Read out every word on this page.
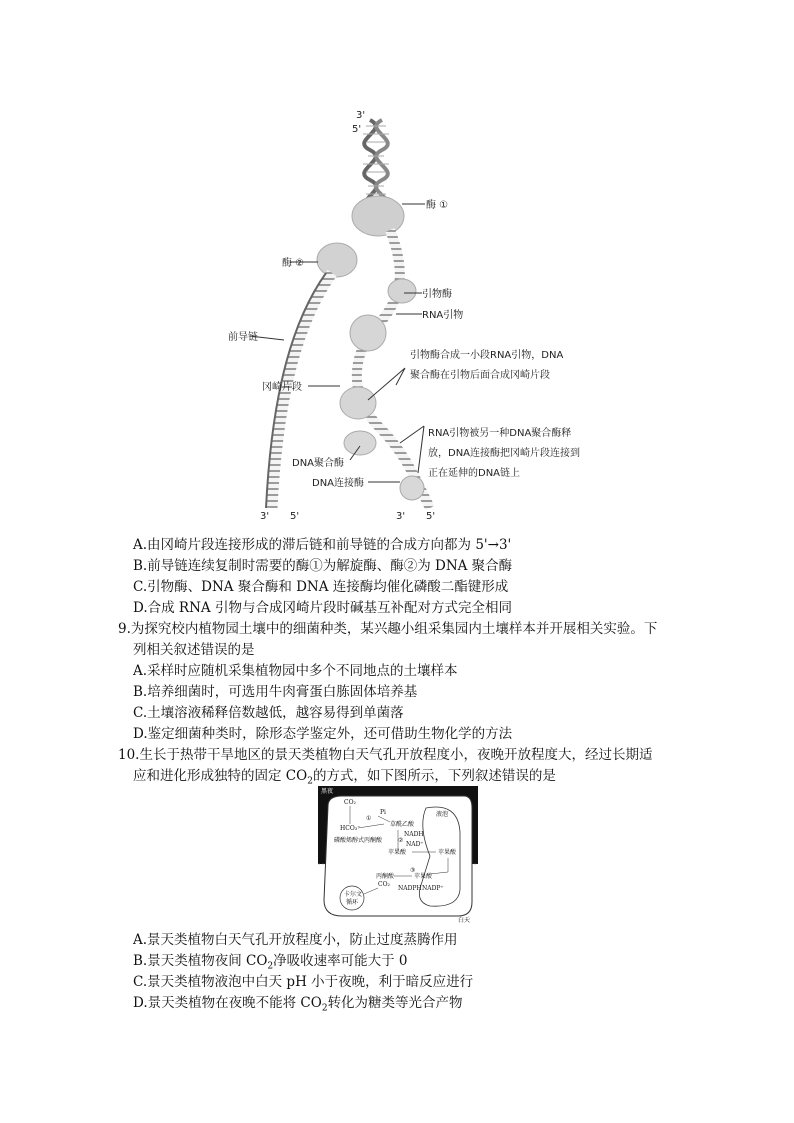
3'
5'
酶 ①
酶 ②
前导链
引物酶
RNA引物
引物酶合成一小段RNA引物，DNA
聚合酶在引物后面合成冈崎片段
冈崎片段
RNA引物被另一种DNA聚合酶释
放，DNA连接酶把冈崎片段连接到
正在延伸的DNA链上
DNA聚合酶
DNA连接酶
3' 5'	3' 5'
A.由冈崎片段连接形成的滞后链和前导链的合成方向都为 5'→3'
B.前导链连续复制时需要的酶①为解旋酶、酶②为 DNA 聚合酶
C.引物酶、DNA 聚合酶和 DNA 连接酶均催化磷酸二酯键形成
D.合成 RNA 引物与合成冈崎片段时碱基互补配对方式完全相同
9.为探究校内植物园土壤中的细菌种类，某兴趣小组采集园内土壤样本并开展相关实验。下
列相关叙述错误的是
A.采样时应随机采集植物园中多个不同地点的土壤样本
B.培养细菌时，可选用牛肉膏蛋白胨固体培养基
C.土壤溶液稀释倍数越低，越容易得到单菌落
D.鉴定细菌种类时，除形态学鉴定外，还可借助生物化学的方法
10.生长于热带干旱地区的景天类植物白天气孔开放程度小，夜晚开放程度大，经过长期适
应和进化形成独特的固定 $CO_2$的方式，如下图所示，下列叙述错误的是
黑夜
白天
CO₂
HCO₃⁻
Pi
草酰乙酸
NADH
磷酸烯醇式丙酮酸
NAD⁺
苹果酸
液泡
苹果酸
丙酮酸	苹果酸
CO₂
NADPH NADP⁺
卡尔文
循环
①
②
③
A.景天类植物白天气孔开放程度小，防止过度蒸腾作用
B.景天类植物夜间 $CO_2$净吸收速率可能大于 0
C.景天类植物液泡中白天 pH 小于夜晚，利于暗反应进行
D.景天类植物在夜晚不能将 $CO_2$转化为糖类等光合产物
